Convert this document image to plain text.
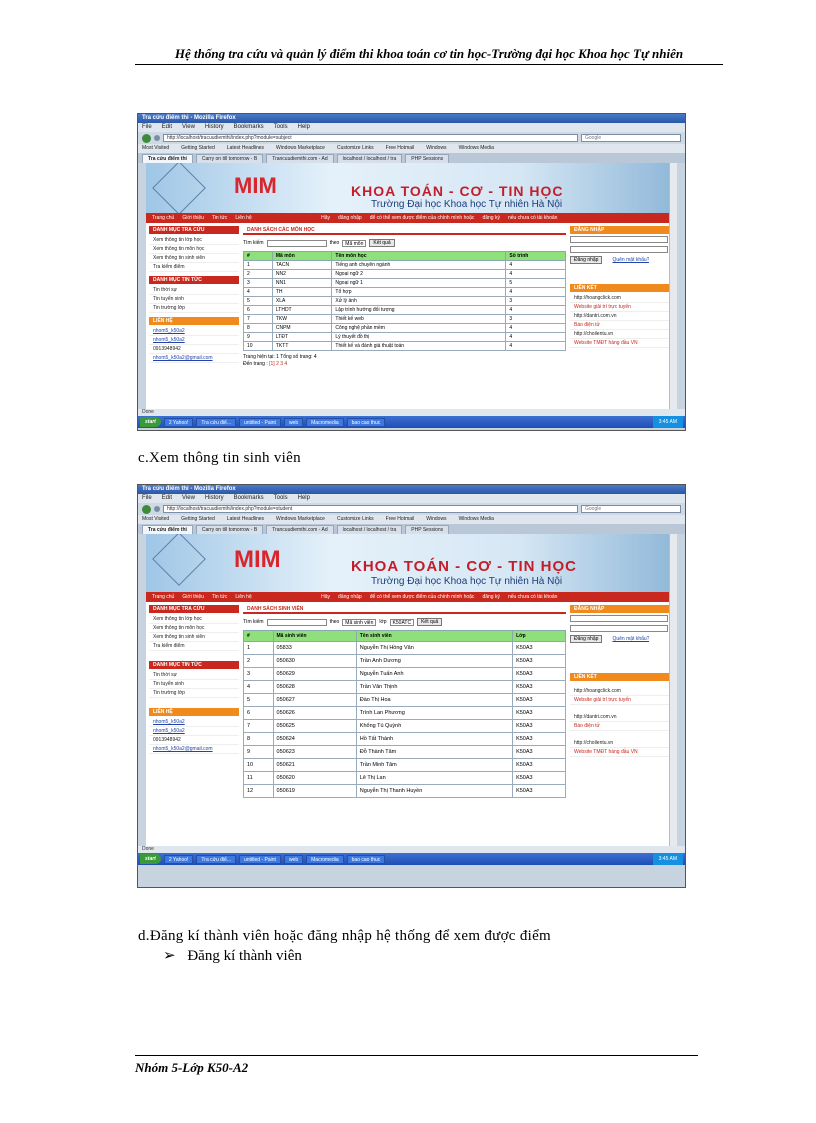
Hệ thống tra cứu và quản lý điểm thi khoa toán cơ tin học-Trường đại học Khoa học Tự nhiên
Tra cứu điểm thi - Mozilla Firefox
File Edit View History Bookmarks Tools Help
http://localhost/tracuudiemthi/index.php?module=subject	Google
Most Visited Getting Started Latest Headlines Windows Marketplace Customize Links Free Hotmail Windows Windows Media
Tra cứu điểm thi	Carry on till tomorrow - B	Trancuudiemthi.com - Ad	localhost / localhost / tra	PHP Sessions
MIM	KHOA TOÁN - CƠ - TIN HỌC
Trường Đại học Khoa học Tự nhiên Hà Nội
Trang chủ Giới thiệu Tin tức Liên hệ	Hãy đăng nhập để có thể xem được điểm của chính mình hoặc đăng ký nếu chưa có tài khoản
DANH MỤC TRA CỨU
Xem thông tin lớp học
Xem thông tin môn học
Xem thông tin sinh viên
Tra kiểm điểm
DANH MỤC TIN TỨC
Tin thời sự
Tin tuyển sinh
Tin trường lớp
LIÊN HỆ
nhom5_k50a2
nhom5_k50a2
0913948942
nhom5_k50a2@gmail.com
DANH SÁCH CÁC MÔN HỌC
Tìm kiếm	theo	Mã môn	Kết quả
#	Mã môn	Tên môn học	Số trình
1	TACN	Tiếng anh chuyên ngành	4
2	NN2	Ngoại ngữ 2	4
3	NN1	Ngoại ngữ 1	5
4	TH	Tổ hợp	4
5	XLA	Xử lý ảnh	3
6	LTHDT	Lập trình hướng đối tượng	4
7	TKW	Thiết kế web	3
8	CNPM	Công nghệ phần mềm	4
9	LTĐT	Lý thuyết đồ thị	4
10	TKTT	Thiết kế và đánh giá thuật toán	4
Trang hiện tại: 1 Tổng số trang: 4
Đến trang : [1] 2 3 4
ĐĂNG NHẬP
Đăng nhập	Quên mật khẩu?
LIÊN KẾT
http://hoangclick.com
Website giải trí trực tuyến
http://dantri.com.vn
Báo điện tử
http://choilentu.vn
Website TMĐT hàng đầu VN
Done
start	2 Yahoo!	Tra cứu điể...	untitled - Paint	web	Macromedia	bao cao thuc	3:45 AM
c.Xem thông tin sinh viên
Tra cứu điểm thi - Mozilla Firefox
File Edit View History Bookmarks Tools Help
http://localhost/tracuudiemthi/index.php?module=student	Google
Most Visited Getting Started Latest Headlines Windows Marketplace Customize Links Free Hotmail Windows Windows Media
Tra cứu điểm thi	Carry on till tomorrow - B	Trancuudiemthi.com - Ad	localhost / localhost / tra	PHP Sessions
MIM	KHOA TOÁN - CƠ - TIN HỌC
Trường Đại học Khoa học Tự nhiên Hà Nội
Trang chủ Giới thiệu Tin tức Liên hệ	Hãy đăng nhập để có thể xem được điểm của chính mình hoặc đăng ký nếu chưa có tài khoản
DANH MỤC TRA CỨU
Xem thông tin lớp học
Xem thông tin môn học
Xem thông tin sinh viên
Tra kiểm điểm
DANH MỤC TIN TỨC
Tin thời sự
Tin tuyển sinh
Tin trường lớp
LIÊN HỆ
nhom5_k50a2
nhom5_k50a2
0913948942
nhom5_k50a2@gmail.com
DANH SÁCH SINH VIÊN
Tìm kiếm	theo	Mã sinh viên	lớp	K50ATC	Kết quả
#	Mã sinh viên	Tên sinh viên	Lớp
1	05833	Nguyễn Thị Hồng Vân	K50A3
2	050630	Trần Anh Dương	K50A3
3	050629	Nguyễn Tuấn Anh	K50A3
4	050628	Trần Văn Thịnh	K50A3
5	050627	Đào Thị Hoa	K50A3
6	050626	Trình Lan Phương	K50A3
7	050625	Khổng Tú Quỳnh	K50A3
8	050624	Hồ Tất Thành	K50A3
9	050623	Đỗ Thành Tâm	K50A3
10	050621	Trần Minh Tâm	K50A3
11	050620	Lê Thị Lan	K50A3
12	050619	Nguyễn Thị Thanh Huyền	K50A3
ĐĂNG NHẬP
Đăng nhập	Quên mật khẩu?
LIÊN KẾT
http://hoangclick.com
Website giải trí trực tuyến
http://dantri.com.vn
Báo điện tử
http://choilentu.vn
Website TMĐT hàng đầu VN
Done
start	2 Yahoo!	Tra cứu điể...	untitled - Paint	web	Macromedia	bao cao thuc	3:45 AM
d.Đăng kí thành viên hoặc đăng nhập hệ thống để xem được điểm
➢ Đăng kí thành viên
Nhóm 5-Lớp K50-A2
